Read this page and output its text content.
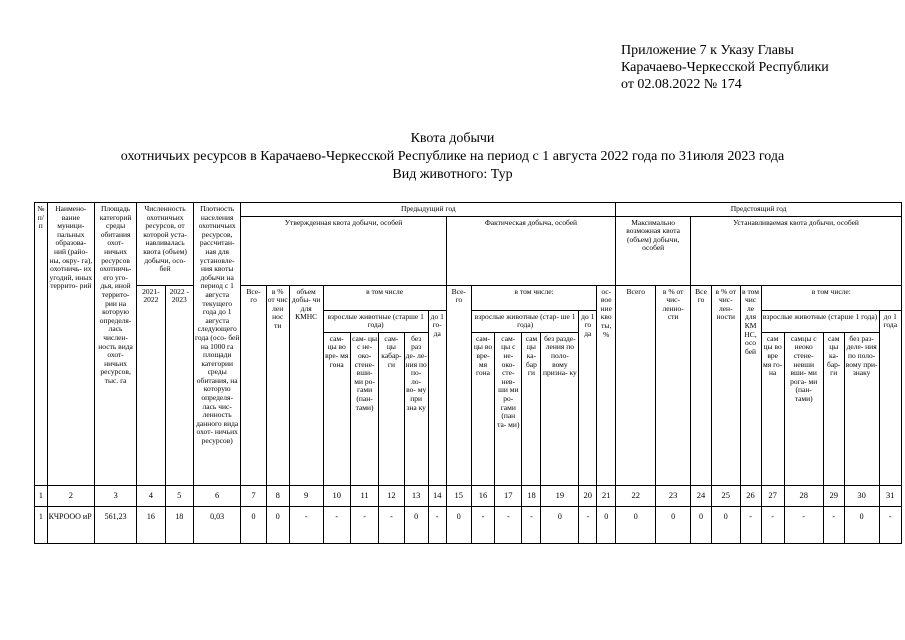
Приложение 7 к Указу Главы
Карачаево-Черкесской Республики
от 02.08.2022 № 174
Квота добычи
охотничьих ресурсов в Карачаево-Черкесской Республике на период с 1 августа 2022 года по 31июля 2023 года
Вид животного: Тур
№ п/ п	Наимено- вание муници- пальных образова- ний (райо- ны, окру- га), охотничь- их угодий, иных террито- рий	Площадь категорий среды обитания охот- ничьих ресурсов охотничь- его уго- дья, иной террито- рии на которую определя- лась числен- ность вида охот- ничьих ресурсов, тыс. га	Численность охотничьих ресурсов, от которой уста- навливалась квота (объем) добычи, осо- бей		Плотность населения охотничьих ресурсов, рассчитан- ная для установле- ния квоты добычи на период с 1 августа текущего года до 1 августа следующего года (осо- бей на 1000 га площади категории среды обитания, на которую определя- лась чис- ленность данного вида охот- ничьих ресурсов)	Предыдущий год															Предстоящий год									
						Утвержденная квота добычи, особей								Фактическая добыча, особей							Максимально возможная квота (объем) добычи, особей		Устанавливаемая квота добычи, особей							
			2021- 2022	2022 - 2023		Все- го	в % от чис лен нос ти	объем добы- чи для КМНС	в том числе					Все- го	в том числе:					ос- вое ние кво ты, %	Всего	в % от чис- ленно- сти	Все го	в % от чис- лен- ности	в том чис ле для КМ НС, осо бей	в том числе:				
									взрослые животные (старше 1 года)				до 1 го- да		взрослые животные (стар- ше 1 года)				до 1 го да							взрослые животные (старше 1 года)				до 1 года
									сам- цы во вре- мя гона	сам- цы с не- око- стене- вши- ми ро- гами (пан- тами)	сам- цы кабар- ги	без раз де- ле- ния по по- ло- во- му при зна ку			сам- цы во вре- мя гона	сам- цы с не- око- сте- нев- ши ми ро- гами (пан та- ми)	сам цы ка- бар ги	без разде- ления по поло- вому призна- ку								сам цы во вре мя го- на	самцы с неоко стене- невши вши- ми рога- ми (пан- тами)	сам цы ка- бар- ги	без раз- деле- ния по поло- вому при- знаку	
1	2	3	4	5	6	7	8	9	10	11	12	13	14	15	16	17	18	19	20	21	22	23	24	25	26	27	28	29	30	31
1	КЧРООО иР	561,23	16	18	0,03	0	0	-	-	-	-	0	-	0	-	-	-	0	-	0	0	0	0	0	-	-	-	-	0	-
